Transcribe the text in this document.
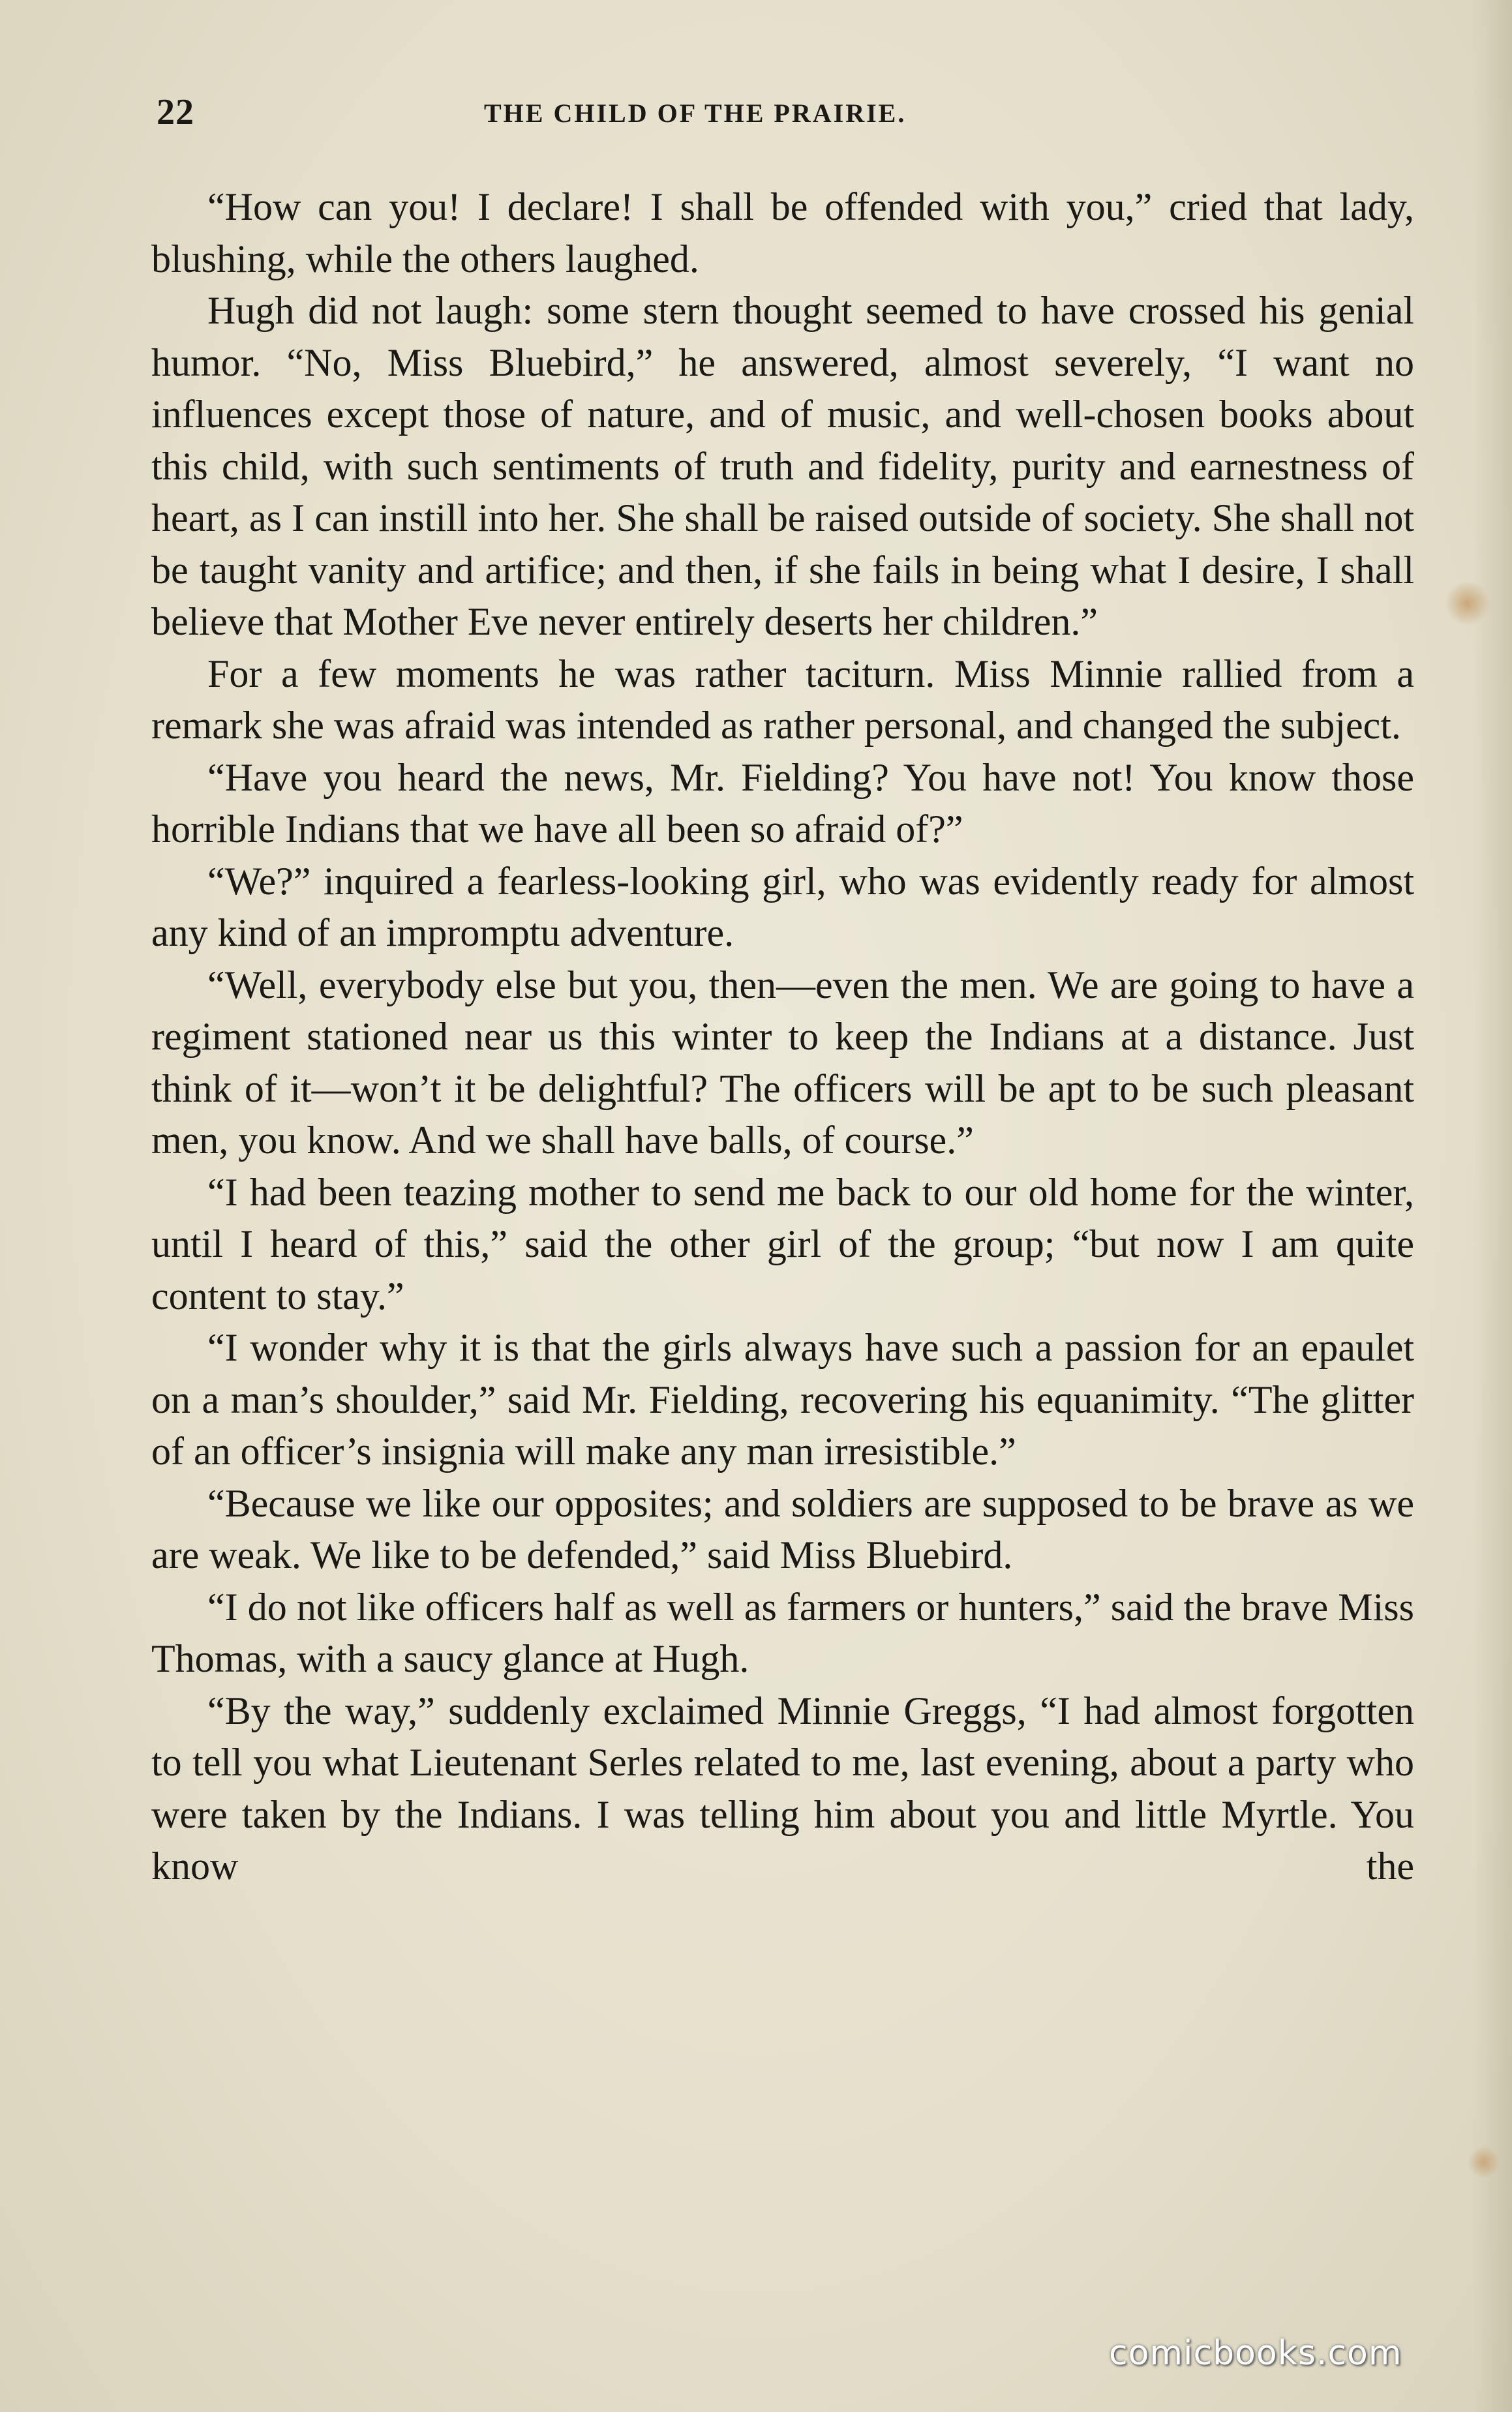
22	THE CHILD OF THE PRAIRIE.

“How can you! I declare! I shall be offended with you,” cried that lady, blushing, while the others laughed.

Hugh did not laugh: some stern thought seemed to have crossed his genial humor. “No, Miss Bluebird,” he answered, almost severely, “I want no influences except those of nature, and of music, and well-chosen books about this child, with such sentiments of truth and fidelity, purity and earnestness of heart, as I can instill into her. She shall be raised outside of society. She shall not be taught vanity and artifice; and then, if she fails in being what I desire, I shall believe that Mother Eve never entirely deserts her children.”

For a few moments he was rather taciturn. Miss Minnie rallied from a remark she was afraid was intended as rather personal, and changed the subject.

“Have you heard the news, Mr. Fielding? You have not! You know those horrible Indians that we have all been so afraid of?”

“We?” inquired a fearless-looking girl, who was evidently ready for almost any kind of an impromptu adventure.

“Well, everybody else but you, then—even the men. We are going to have a regiment stationed near us this winter to keep the Indians at a distance. Just think of it—won’t it be delightful? The officers will be apt to be such pleasant men, you know. And we shall have balls, of course.”

“I had been teazing mother to send me back to our old home for the winter, until I heard of this,” said the other girl of the group; “but now I am quite content to stay.”

“I wonder why it is that the girls always have such a passion for an epaulet on a man’s shoulder,” said Mr. Fielding, recovering his equanimity. “The glitter of an officer’s insignia will make any man irresistible.”

“Because we like our opposites; and soldiers are supposed to be brave as we are weak. We like to be defended,” said Miss Bluebird.

“I do not like officers half as well as farmers or hunters,” said the brave Miss Thomas, with a saucy glance at Hugh.

“By the way,” suddenly exclaimed Minnie Greggs, “I had almost forgotten to tell you what Lieutenant Serles related to me, last evening, about a party who were taken by the Indians. I was telling him about you and little Myrtle. You know the

comicbooks.com
